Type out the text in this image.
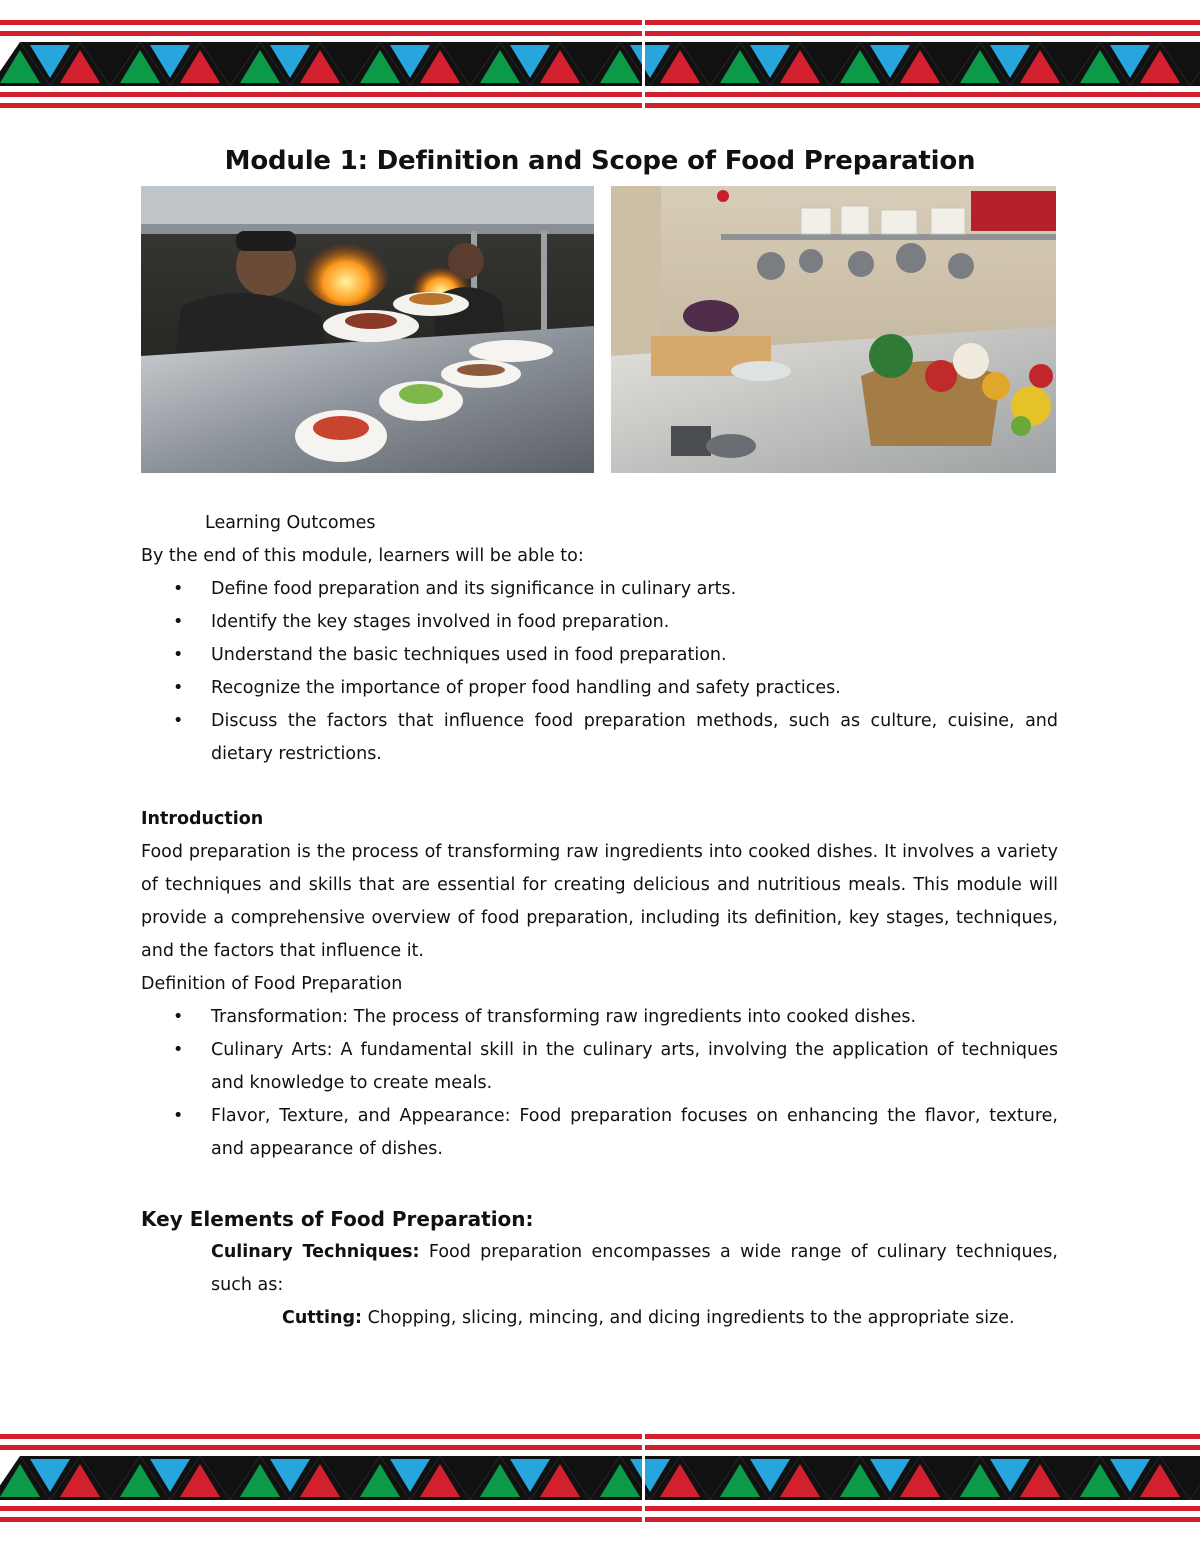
Module 1: Definition and Scope of Food Preparation

Learning Outcomes

By the end of this module, learners will be able to:

• Define food preparation and its significance in culinary arts.
• Identify the key stages involved in food preparation.
• Understand the basic techniques used in food preparation.
• Recognize the importance of proper food handling and safety practices.
• Discuss the factors that influence food preparation methods, such as culture, cuisine, and dietary restrictions.

Introduction

Food preparation is the process of transforming raw ingredients into cooked dishes. It involves a variety of techniques and skills that are essential for creating delicious and nutritious meals. This module will provide a comprehensive overview of food preparation, including its definition, key stages, techniques, and the factors that influence it.

Definition of Food Preparation

• Transformation: The process of transforming raw ingredients into cooked dishes.
• Culinary Arts: A fundamental skill in the culinary arts, involving the application of techniques and knowledge to create meals.
• Flavor, Texture, and Appearance: Food preparation focuses on enhancing the flavor, texture, and appearance of dishes.

Key Elements of Food Preparation:

Culinary Techniques: Food preparation encompasses a wide range of culinary techniques, such as:

Cutting: Chopping, slicing, mincing, and dicing ingredients to the appropriate size.
